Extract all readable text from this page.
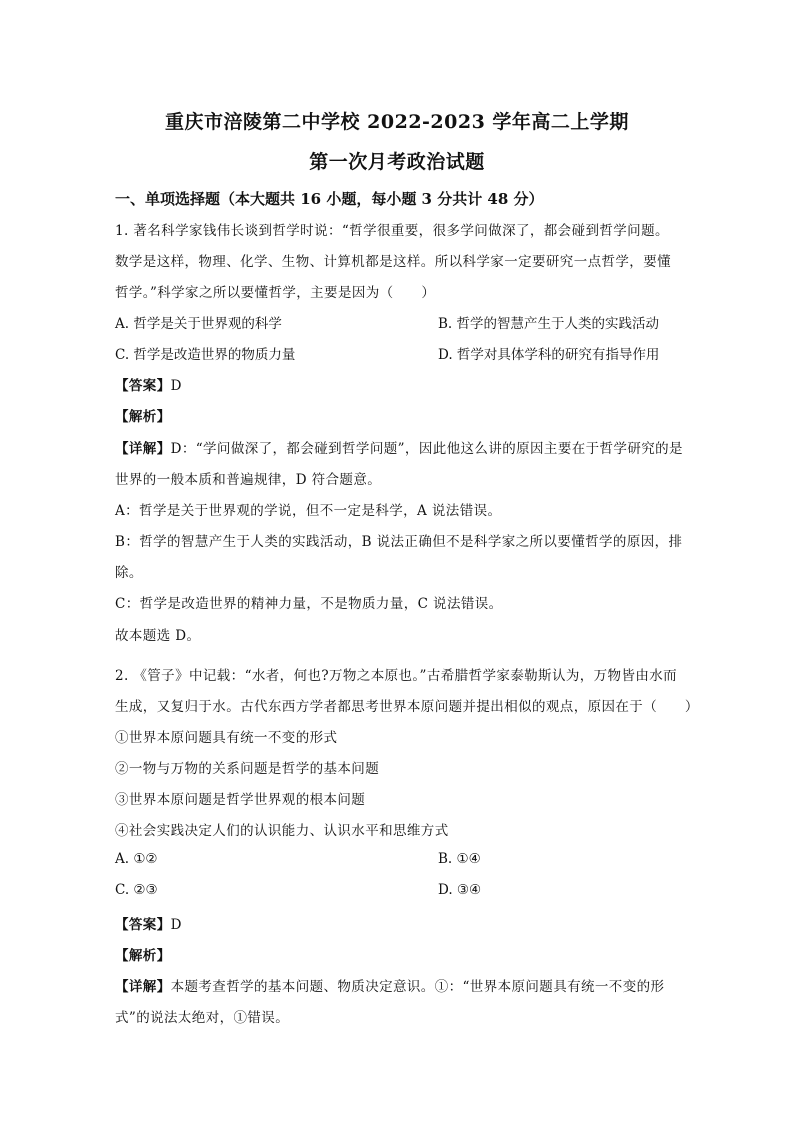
重庆市涪陵第二中学校 2022-2023 学年高二上学期
第一次月考政治试题
一、单项选择题（本大题共 16 小题，每小题 3 分共计 48 分）
1. 著名科学家钱伟长谈到哲学时说：“哲学很重要，很多学问做深了，都会碰到哲学问题。
数学是这样，物理、化学、生物、计算机都是这样。所以科学家一定要研究一点哲学，要懂
哲学。”科学家之所以要懂哲学，主要是因为（　　）
A. 哲学是关于世界观的科学	B. 哲学的智慧产生于人类的实践活动
C. 哲学是改造世界的物质力量	D. 哲学对具体学科的研究有指导作用
【答案】D
【解析】
【详解】D：“学问做深了，都会碰到哲学问题”，因此他这么讲的原因主要在于哲学研究的是
世界的一般本质和普遍规律，D 符合题意。
A：哲学是关于世界观的学说，但不一定是科学，A 说法错误。
B：哲学的智慧产生于人类的实践活动，B 说法正确但不是科学家之所以要懂哲学的原因，排
除。
C：哲学是改造世界的精神力量，不是物质力量，C 说法错误。
故本题选 D。
2. 《管子》中记载：“水者，何也?万物之本原也。”古希腊哲学家泰勒斯认为，万物皆由水而
生成，又复归于水。古代东西方学者都思考世界本原问题并提出相似的观点，原因在于（　　）
①世界本原问题具有统一不变的形式
②一物与万物的关系问题是哲学的基本问题
③世界本原问题是哲学世界观的根本问题
④社会实践决定人们的认识能力、认识水平和思维方式
A. ①②	B. ①④
C. ②③	D. ③④
【答案】D
【解析】
【详解】本题考查哲学的基本问题、物质决定意识。①：“世界本原问题具有统一不变的形
式”的说法太绝对，①错误。
